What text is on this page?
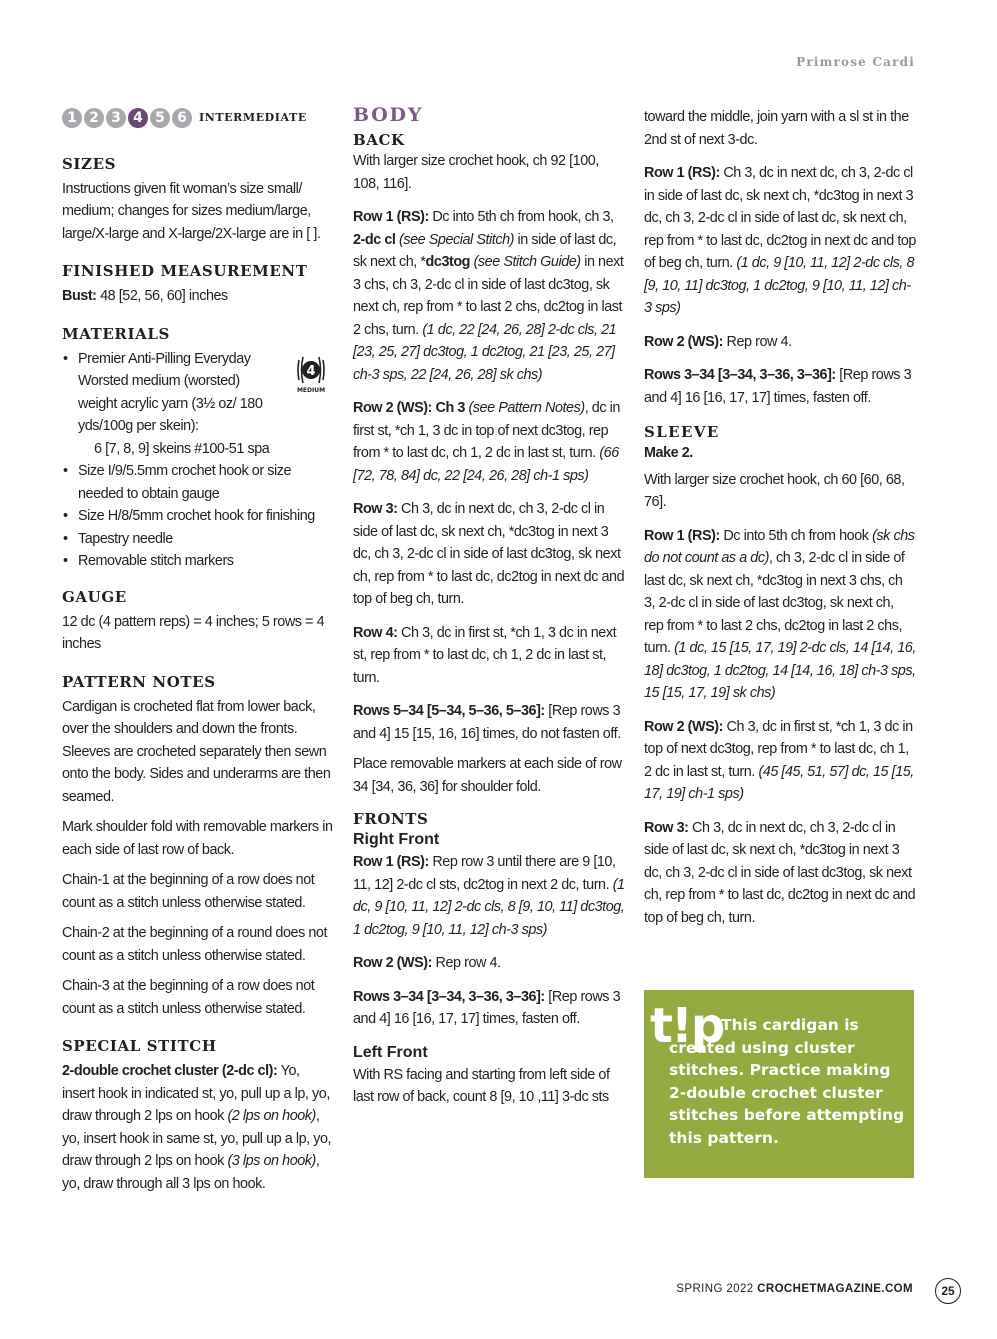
Primrose Cardi
1 2 3 4 5 6	INTERMEDIATE
SIZES

Instructions given fit woman’s size small/ medium; changes for sizes medium/large, large/X-large and X-large/2X-large are in [ ].

FINISHED MEASUREMENT

Bust: 48 [52, 56, 60] inches

MATERIALS
4
MEDIUM
• Premier Anti-Pilling Everyday Worsted medium (worsted) weight acrylic yarn (3½ oz/ 180 yds/100g per skein):
6 [7, 8, 9] skeins #100-51 spa
• Size I/9/5.5mm crochet hook or size needed to obtain gauge
• Size H/8/5mm crochet hook for finishing
• Tapestry needle
• Removable stitch markers
GAUGE

12 dc (4 pattern reps) = 4 inches; 5 rows = 4 inches

PATTERN NOTES

Cardigan is crocheted flat from lower back, over the shoulders and down the fronts. Sleeves are crocheted separately then sewn onto the body. Sides and underarms are then seamed.

Mark shoulder fold with removable markers in each side of last row of back.

Chain-1 at the beginning of a row does not count as a stitch unless otherwise stated.

Chain-2 at the beginning of a round does not count as a stitch unless otherwise stated.

Chain-3 at the beginning of a row does not count as a stitch unless otherwise stated.

SPECIAL STITCH

2-double crochet cluster (2-dc cl): Yo, insert hook in indicated st, yo, pull up a lp, yo, draw through 2 lps on hook (2 lps on hook), yo, insert hook in same st, yo, pull up a lp, yo, draw through 2 lps on hook (3 lps on hook), yo, draw through all 3 lps on hook.

BODY
BACK

With larger size crochet hook, ch 92 [100, 108, 116].

Row 1 (RS): Dc into 5th ch from hook, ch 3, 2-dc cl (see Special Stitch) in side of last dc, sk next ch, *dc3tog (see Stitch Guide) in next 3 chs, ch 3, 2-dc cl in side of last dc3tog, sk next ch, rep from * to last 2 chs, dc2tog in last 2 chs, turn. (1 dc, 22 [24, 26, 28] 2-dc cls, 21 [23, 25, 27] dc3tog, 1 dc2tog, 21 [23, 25, 27] ch-3 sps, 22 [24, 26, 28] sk chs)

Row 2 (WS): Ch 3 (see Pattern Notes), dc in first st, *ch 1, 3 dc in top of next dc3tog, rep from * to last dc, ch 1, 2 dc in last st, turn. (66 [72, 78, 84] dc, 22 [24, 26, 28] ch-1 sps)

Row 3: Ch 3, dc in next dc, ch 3, 2-dc cl in side of last dc, sk next ch, *dc3tog in next 3 dc, ch 3, 2-dc cl in side of last dc3tog, sk next ch, rep from * to last dc, dc2tog in next dc and top of beg ch, turn.

Row 4: Ch 3, dc in first st, *ch 1, 3 dc in next st, rep from * to last dc, ch 1, 2 dc in last st, turn.

Rows 5–34 [5–34, 5–36, 5–36]: [Rep rows 3 and 4] 15 [15, 16, 16] times, do not fasten off.

Place removable markers at each side of row 34 [34, 36, 36] for shoulder fold.

FRONTS
Right Front

Row 1 (RS): Rep row 3 until there are 9 [10, 11, 12] 2-dc cl sts, dc2tog in next 2 dc, turn. (1 dc, 9 [10, 11, 12] 2-dc cls, 8 [9, 10, 11] dc3tog, 1 dc2tog, 9 [10, 11, 12] ch-3 sps)

Row 2 (WS): Rep row 4.

Rows 3–34 [3–34, 3–36, 3–36]: [Rep rows 3 and 4] 16 [16, 17, 17] times, fasten off.

Left Front

With RS facing and starting from left side of last row of back, count 8 [9, 10 ,11] 3-dc sts

toward the middle, join yarn with a sl st in the 2nd st of next 3-dc.

Row 1 (RS): Ch 3, dc in next dc, ch 3, 2-dc cl in side of last dc, sk next ch, *dc3tog in next 3 dc, ch 3, 2-dc cl in side of last dc, sk next ch, rep from * to last dc, dc2tog in next dc and top of beg ch, turn. (1 dc, 9 [10, 11, 12] 2-dc cls, 8 [9, 10, 11] dc3tog, 1 dc2tog, 9 [10, 11, 12] ch-3 sps)

Row 2 (WS): Rep row 4.

Rows 3–34 [3–34, 3–36, 3–36]: [Rep rows 3 and 4] 16 [16, 17, 17] times, fasten off.

SLEEVE

Make 2.

With larger size crochet hook, ch 60 [60, 68, 76].

Row 1 (RS): Dc into 5th ch from hook (sk chs do not count as a dc), ch 3, 2-dc cl in side of last dc, sk next ch, *dc3tog in next 3 chs, ch 3, 2-dc cl in side of last dc3tog, sk next ch, rep from * to last 2 chs, dc2tog in last 2 chs, turn. (1 dc, 15 [15, 17, 19] 2-dc cls, 14 [14, 16, 18] dc3tog, 1 dc2tog, 14 [14, 16, 18] ch-3 sps, 15 [15, 17, 19] sk chs)

Row 2 (WS): Ch 3, dc in first st, *ch 1, 3 dc in top of next dc3tog, rep from * to last dc, ch 1, 2 dc in last st, turn. (45 [45, 51, 57] dc, 15 [15, 17, 19] ch-1 sps)

Row 3: Ch 3, dc in next dc, ch 3, 2-dc cl in side of last dc, sk next ch, *dc3tog in next 3 dc, ch 3, 2-dc cl in side of last dc3tog, sk next ch, rep from * to last dc, dc2tog in next dc and top of beg ch, turn.

t!p
This cardigan is
created using cluster stitches. Practice making 2-double crochet cluster stitches before attempting this pattern.
SPRING 2022 CROCHETMAGAZINE.COM	25
